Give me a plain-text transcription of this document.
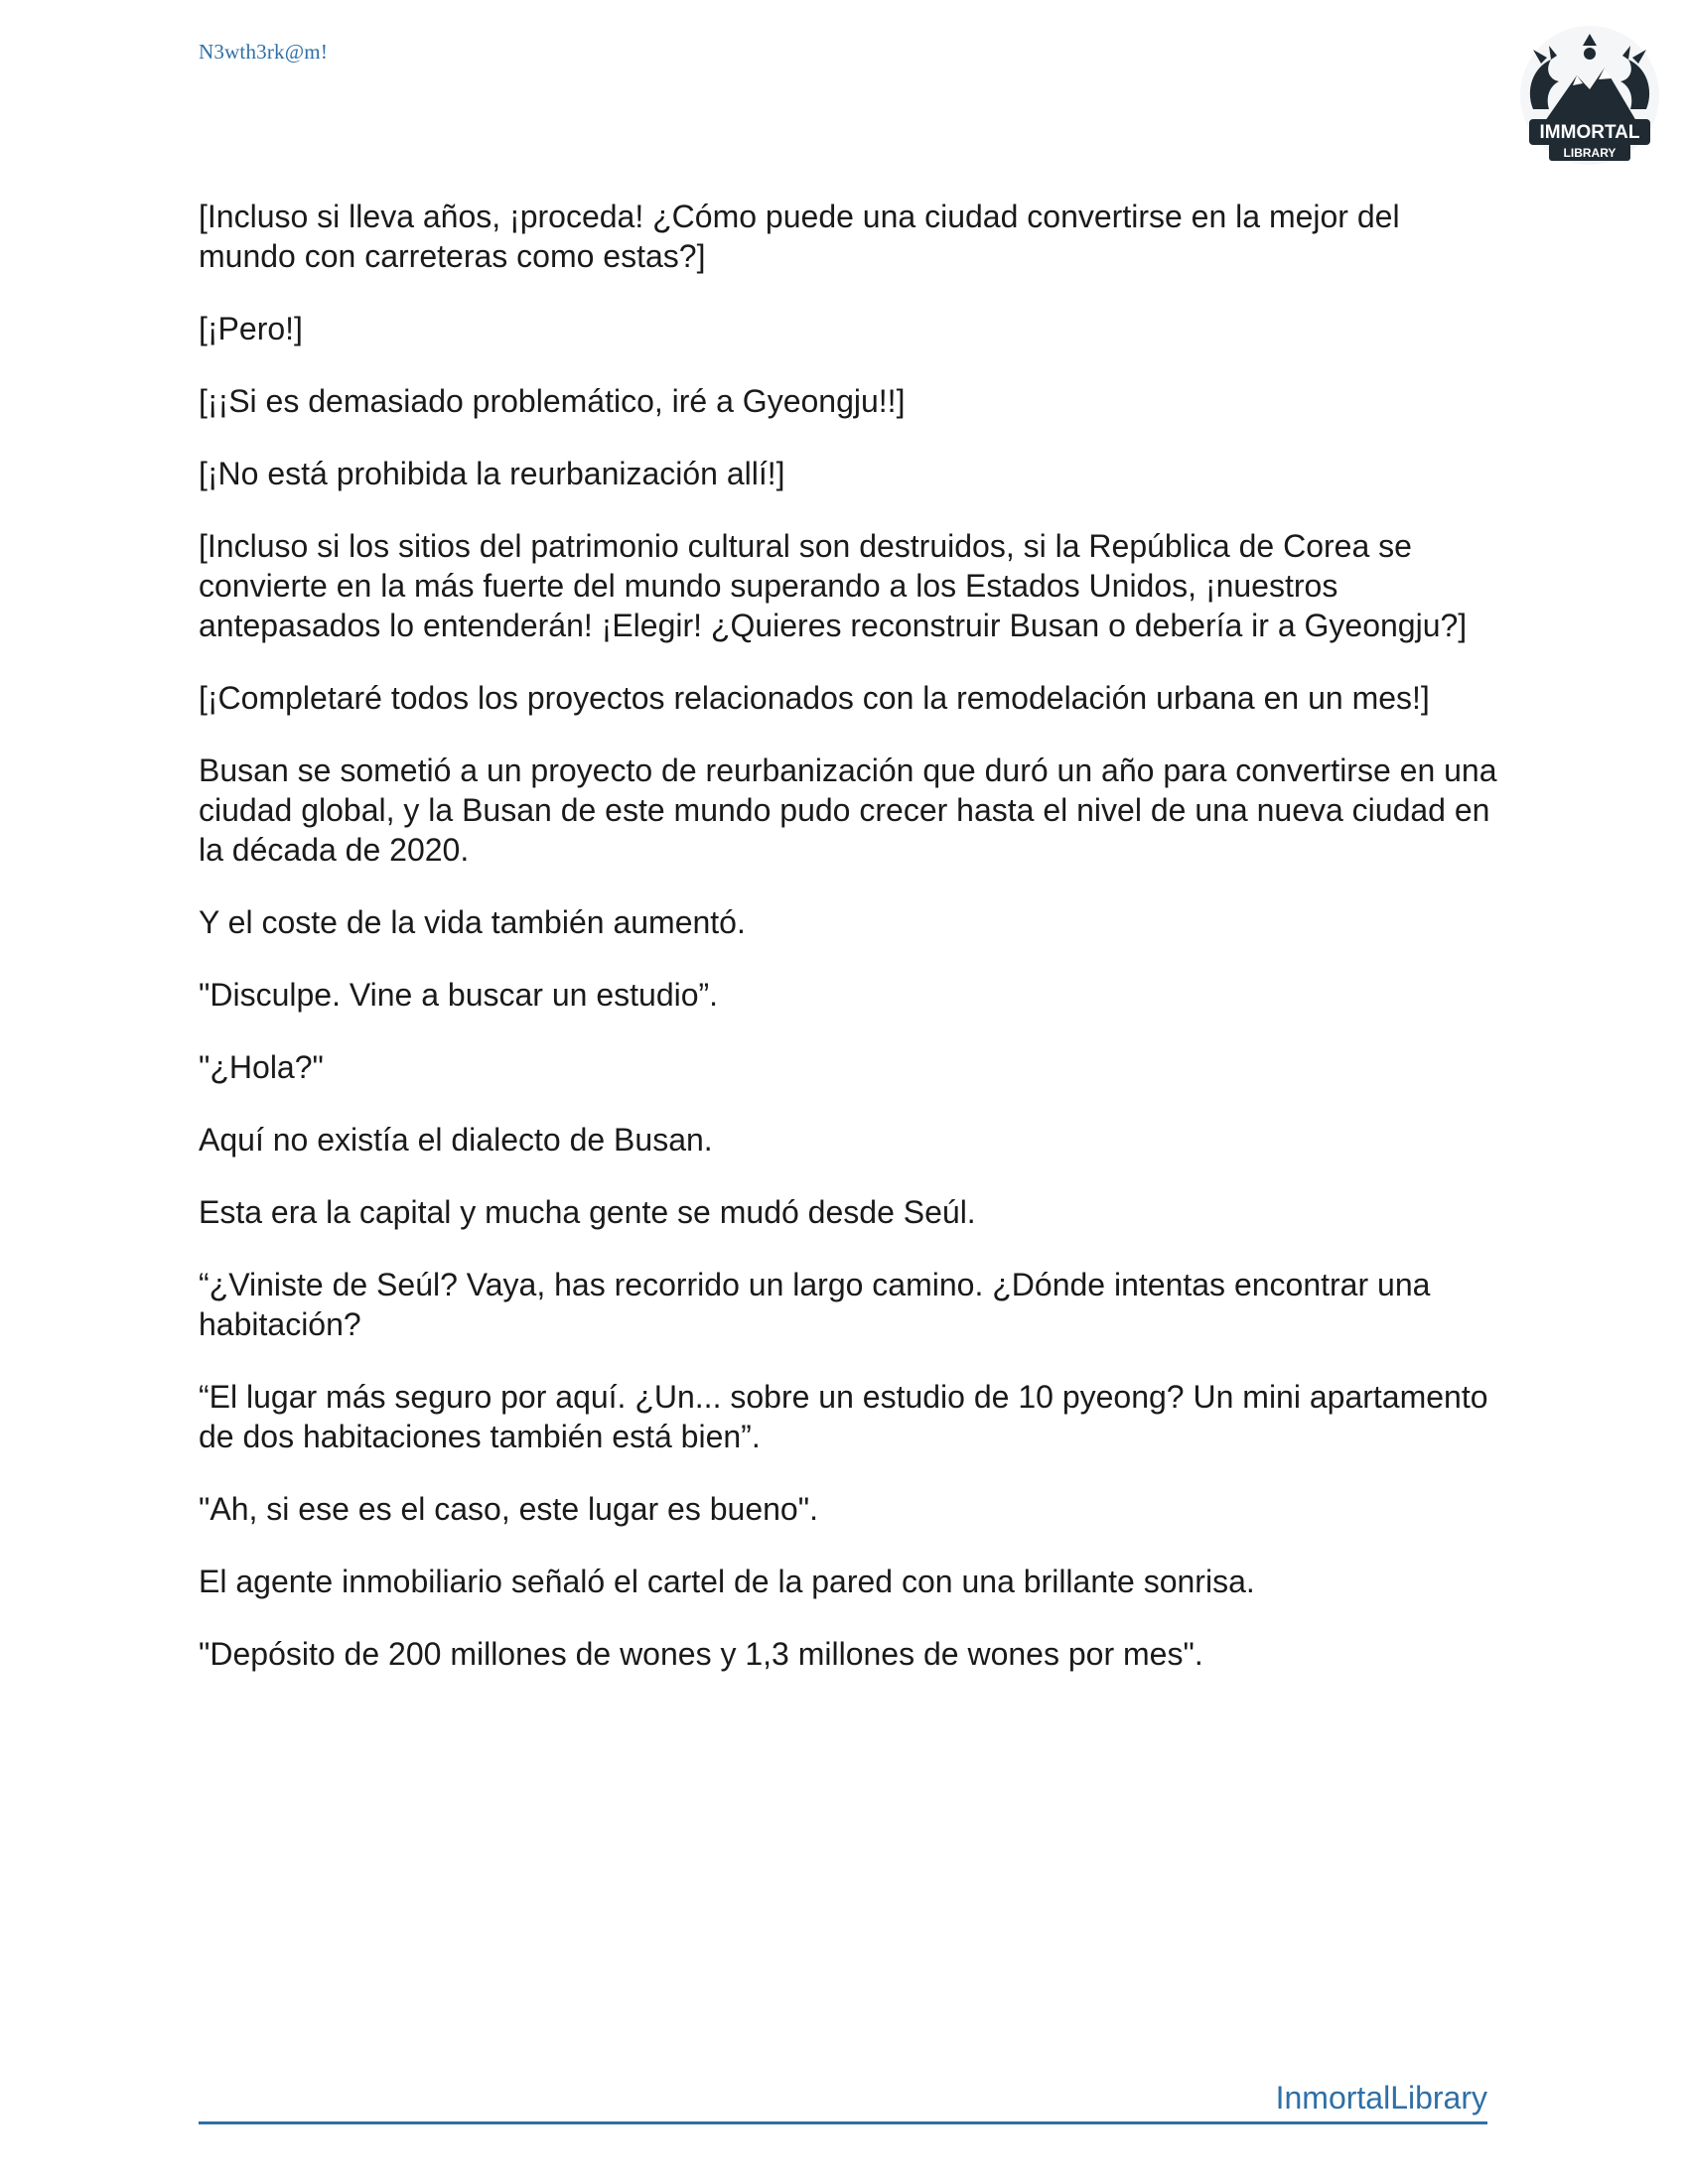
N3wth3rk@m!
IMMORTAL
LIBRARY

[Incluso si lleva años, ¡proceda! ¿Cómo puede una ciudad convertirse en la mejor del mundo con carreteras como estas?]

[¡Pero!]

[¡¡Si es demasiado problemático, iré a Gyeongju!!]

[¡No está prohibida la reurbanización allí!]

[Incluso si los sitios del patrimonio cultural son destruidos, si la República de Corea se convierte en la más fuerte del mundo superando a los Estados Unidos, ¡nuestros antepasados lo entenderán! ¡Elegir! ¿Quieres reconstruir Busan o debería ir a Gyeongju?]

[¡Completaré todos los proyectos relacionados con la remodelación urbana en un mes!]

Busan se sometió a un proyecto de reurbanización que duró un año para convertirse en una ciudad global, y la Busan de este mundo pudo crecer hasta el nivel de una nueva ciudad en la década de 2020.

Y el coste de la vida también aumentó.

"Disculpe. Vine a buscar un estudio”.

"¿Hola?"

Aquí no existía el dialecto de Busan.

Esta era la capital y mucha gente se mudó desde Seúl.

“¿Viniste de Seúl? Vaya, has recorrido un largo camino. ¿Dónde intentas encontrar una habitación?

“El lugar más seguro por aquí. ¿Un... sobre un estudio de 10 pyeong? Un mini apartamento de dos habitaciones también está bien”.

"Ah, si ese es el caso, este lugar es bueno".

El agente inmobiliario señaló el cartel de la pared con una brillante sonrisa.

"Depósito de 200 millones de wones y 1,3 millones de wones por mes".

InmortalLibrary
